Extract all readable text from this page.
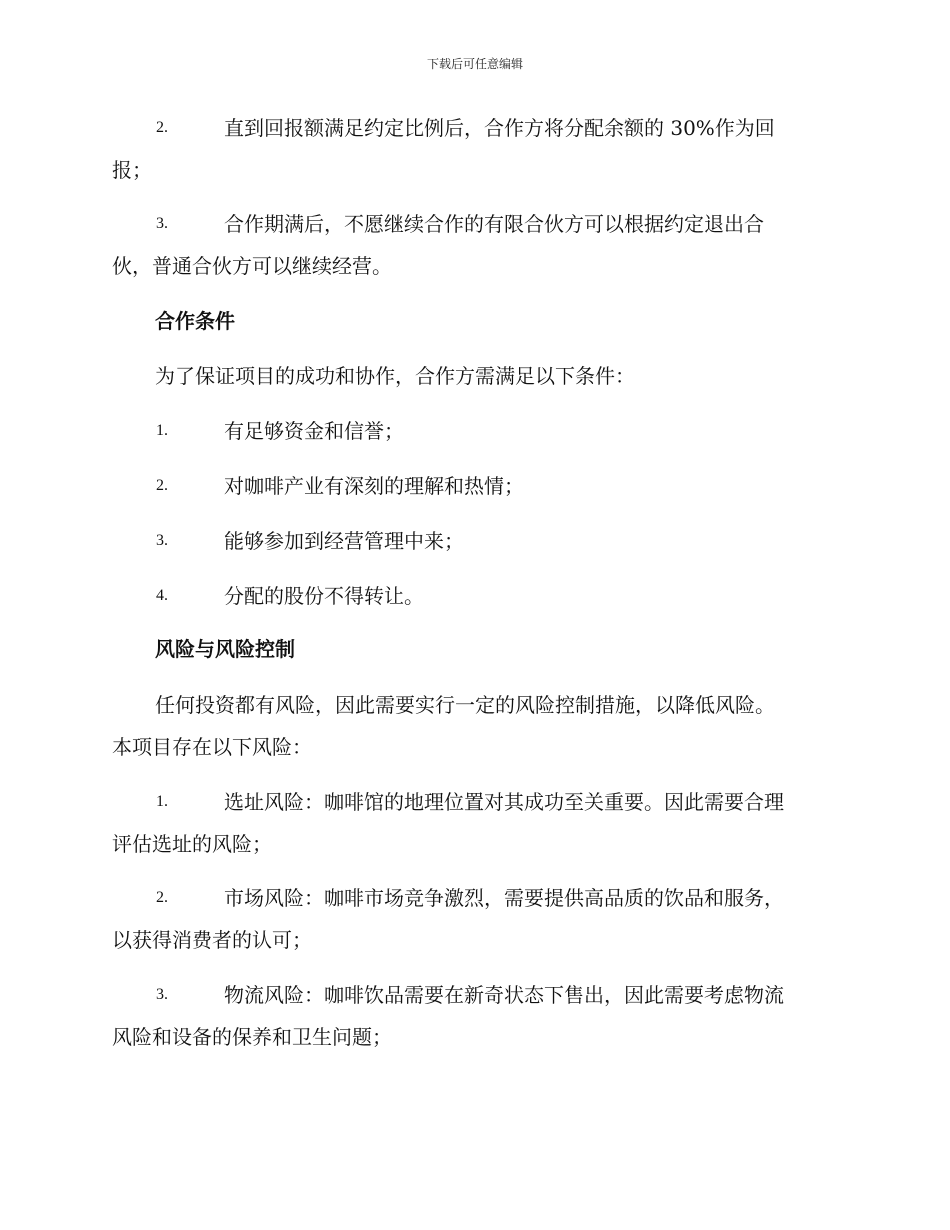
下载后可任意编辑
2.	直到回报额满足约定比例后，合作方将分配余额的 30%作为回
报；
3.	合作期满后，不愿继续合作的有限合伙方可以根据约定退出合
伙，普通合伙方可以继续经营。
合作条件
为了保证项目的成功和协作，合作方需满足以下条件：
1.	有足够资金和信誉；
2.	对咖啡产业有深刻的理解和热情；
3.	能够参加到经营管理中来；
4.	分配的股份不得转让。
风险与风险控制
任何投资都有风险，因此需要实行一定的风险控制措施，以降低风险。
本项目存在以下风险：
1.	选址风险：咖啡馆的地理位置对其成功至关重要。因此需要合理
评估选址的风险；
2.	市场风险：咖啡市场竞争激烈，需要提供高品质的饮品和服务，
以获得消费者的认可；
3.	物流风险：咖啡饮品需要在新奇状态下售出，因此需要考虑物流
风险和设备的保养和卫生问题；
